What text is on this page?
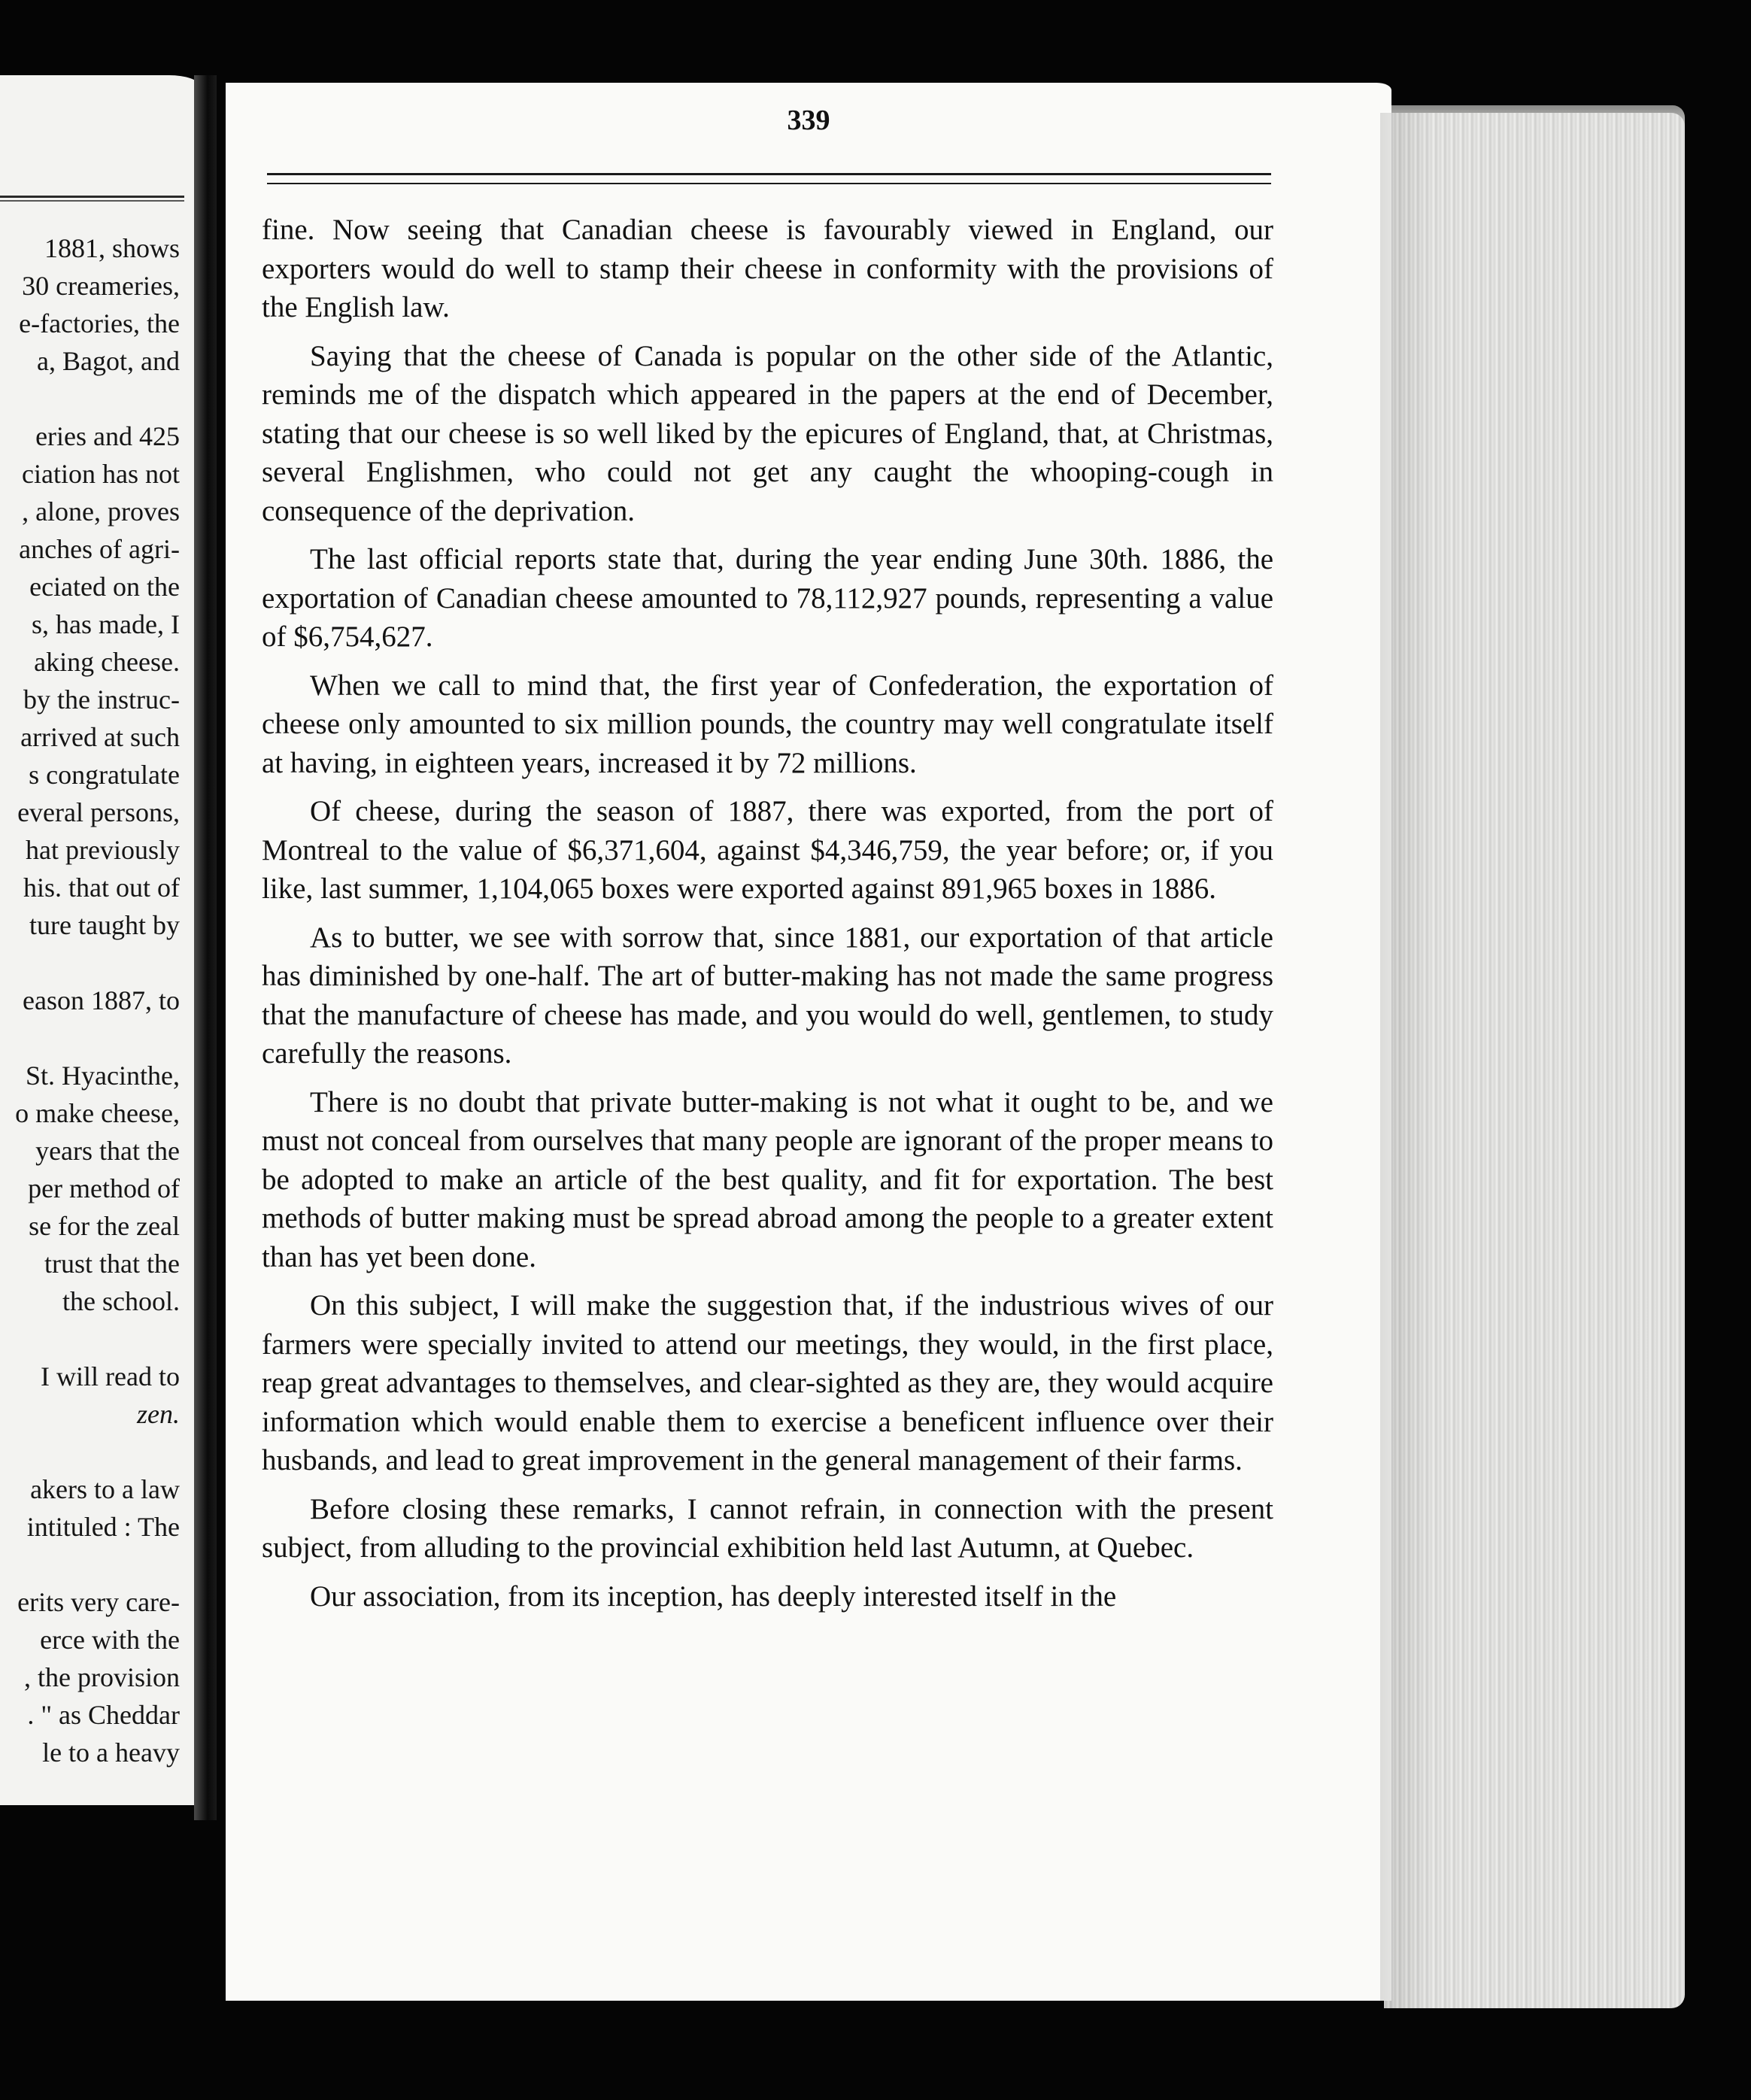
1881, shows
30 creameries,
e-factories, the
a, Bagot, and
eries and 425
ciation has not
, alone, proves
anches of agri-
eciated on the
s, has made, I
aking cheese.
by the instruc-
arrived at such
s congratulate
everal persons,
hat previously
his. that out of
ture taught by
eason 1887, to
St. Hyacinthe,
o make cheese,
years that the
per method of
se for the zeal
trust that the
the school.
I will read to
zen.
akers to a law
intituled : The
erits very care-
erce with the
, the provision
. " as Cheddar
le to a heavy
339

fine. Now seeing that Canadian cheese is favourably viewed in England, our exporters would do well to stamp their cheese in conformity with the provisions of the English law.

Saying that the cheese of Canada is popular on the other side of the Atlantic, reminds me of the dispatch which appeared in the papers at the end of December, stating that our cheese is so well liked by the epicures of England, that, at Christmas, several Englishmen, who could not get any caught the whooping-cough in consequence of the deprivation.

The last official reports state that, during the year ending June 30th. 1886, the exportation of Canadian cheese amounted to 78,112,927 pounds, representing a value of $6,754,627.

When we call to mind that, the first year of Confederation, the exportation of cheese only amounted to six million pounds, the country may well congratulate itself at having, in eighteen years, increased it by 72 millions.

Of cheese, during the season of 1887, there was exported, from the port of Montreal to the value of $6,371,604, against $4,346,759, the year before; or, if you like, last summer, 1,104,065 boxes were exported against 891,965 boxes in 1886.

As to butter, we see with sorrow that, since 1881, our exportation of that article has diminished by one-half. The art of butter-making has not made the same progress that the manufacture of cheese has made, and you would do well, gentlemen, to study carefully the reasons.

There is no doubt that private butter-making is not what it ought to be, and we must not conceal from ourselves that many people are ignorant of the proper means to be adopted to make an article of the best quality, and fit for exportation. The best methods of butter making must be spread abroad among the people to a greater extent than has yet been done.

On this subject, I will make the suggestion that, if the industrious wives of our farmers were specially invited to attend our meetings, they would, in the first place, reap great advantages to themselves, and clear-sighted as they are, they would acquire information which would enable them to exercise a beneficent influence over their husbands, and lead to great improvement in the general management of their farms.

Before closing these remarks, I cannot refrain, in connection with the present subject, from alluding to the provincial exhibition held last Autumn, at Quebec.

Our association, from its inception, has deeply interested itself in the
